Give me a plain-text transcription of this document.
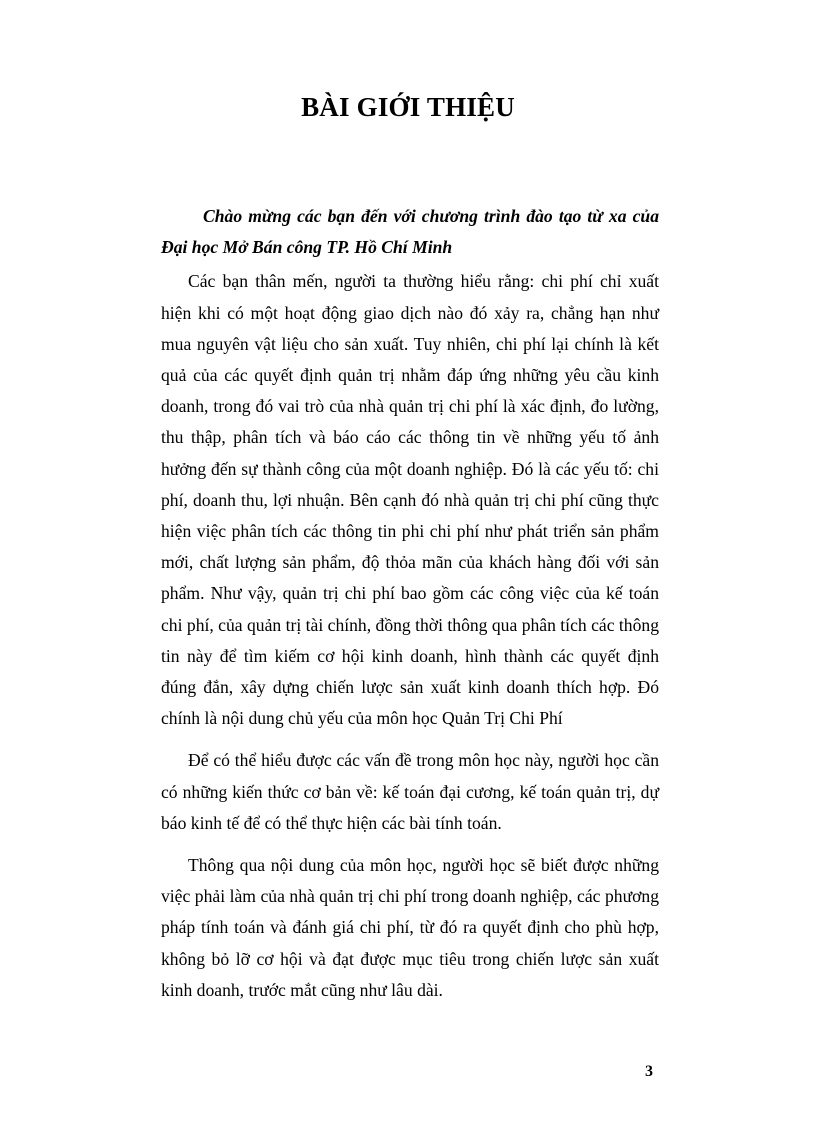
BÀI GIỚI THIỆU

Chào mừng các bạn đến với chương trình đào tạo từ xa của Đại học Mở Bán công TP. Hồ Chí Minh

Các bạn thân mến, người ta thường hiểu rằng: chi phí chỉ xuất hiện khi có một hoạt động giao dịch nào đó xảy ra, chẳng hạn như mua nguyên vật liệu cho sản xuất. Tuy nhiên, chi phí lại chính là kết quả của các quyết định quản trị nhằm đáp ứng những yêu cầu kinh doanh, trong đó vai trò của nhà quản trị chi phí là xác định, đo lường, thu thập, phân tích và báo cáo các thông tin về những yếu tố ảnh hưởng đến sự thành công của một doanh nghiệp. Đó là các yếu tố: chi phí, doanh thu, lợi nhuận. Bên cạnh đó nhà quản trị chi phí cũng thực hiện việc phân tích các thông tin phi chi phí như phát triển sản phẩm mới, chất lượng sản phẩm, độ thỏa mãn của khách hàng đối với sản phẩm. Như vậy, quản trị chi phí bao gồm các công việc của kế toán chi phí, của quản trị tài chính, đồng thời thông qua phân tích các thông tin này để tìm kiếm cơ hội kinh doanh, hình thành các quyết định đúng đắn, xây dựng chiến lược sản xuất kinh doanh thích hợp. Đó chính là nội dung chủ yếu của môn học Quản Trị Chi Phí

Để có thể hiểu được các vấn đề trong môn học này, người học cần có những kiến thức cơ bản về: kế toán đại cương, kế toán quản trị, dự báo kinh tế để có thể thực hiện các bài tính toán.

Thông qua nội dung của môn học, người học sẽ biết được những việc phải làm của nhà quản trị chi phí trong doanh nghiệp, các phương pháp tính toán và đánh giá chi phí, từ đó ra quyết định cho phù hợp, không bỏ lỡ cơ hội và đạt được mục tiêu trong chiến lược sản xuất kinh doanh, trước mắt cũng như lâu dài.

3
